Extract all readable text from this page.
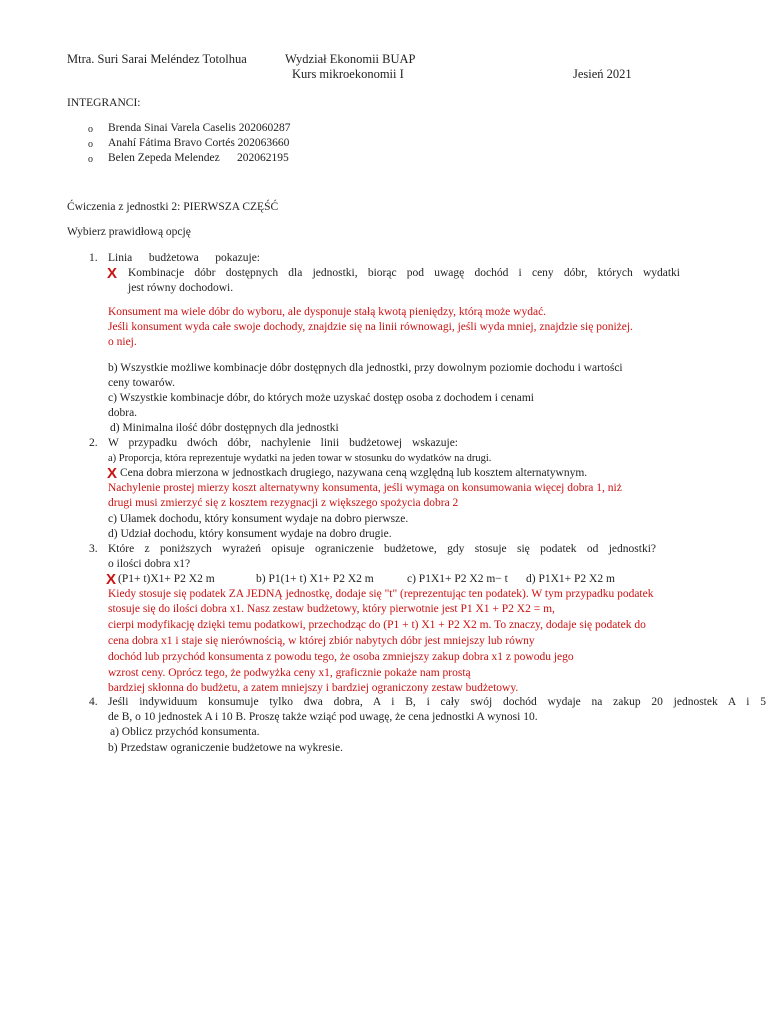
Mtra. Suri Sarai Meléndez Totolhua	Wydział Ekonomii BUAP
Kurs mikroekonomii I	Jesień 2021
INTEGRANCI:
o Brenda Sinai Varela Caselis 202060287
o Anahí Fátima Bravo Cortés 202063660
o Belen Zepeda Melendez 202062195
Ćwiczenia z jednostki 2: PIERWSZA CZĘŚĆ
Wybierz prawidłową opcję
1. Linia budżetowa pokazuje:
X Kombinacje dóbr dostępnych dla jednostki, biorąc pod uwagę dochód i ceny dóbr, których wydatki
jest równy dochodowi.
Konsument ma wiele dóbr do wyboru, ale dysponuje stałą kwotą pieniędzy, którą może wydać.
Jeśli konsument wyda całe swoje dochody, znajdzie się na linii równowagi, jeśli wyda mniej, znajdzie się poniżej.
o niej.
b) Wszystkie możliwe kombinacje dóbr dostępnych dla jednostki, przy dowolnym poziomie dochodu i wartości
ceny towarów.
c) Wszystkie kombinacje dóbr, do których może uzyskać dostęp osoba z dochodem i cenami
dobra.
d) Minimalna ilość dóbr dostępnych dla jednostki
2. W przypadku dwóch dóbr, nachylenie linii budżetowej wskazuje:
a) Proporcja, która reprezentuje wydatki na jeden towar w stosunku do wydatków na drugi.
X Cena dobra mierzona w jednostkach drugiego, nazywana ceną względną lub kosztem alternatywnym.
Nachylenie prostej mierzy koszt alternatywny konsumenta, jeśli wymaga on konsumowania więcej dobra 1, niż
drugi musi zmierzyć się z kosztem rezygnacji z większego spożycia dobra 2
c) Ułamek dochodu, który konsument wydaje na dobro pierwsze.
d) Udział dochodu, który konsument wydaje na dobro drugie.
3. Które z poniższych wyrażeń opisuje ograniczenie budżetowe, gdy stosuje się podatek od jednostki?
o ilości dobra x1?
X (P1+ t)X1+ P2 X2 m	b) P1(1+ t) X1+ P2 X2 m	c) P1X1+ P2 X2 m− t d) P1X1+ P2 X2 m
Kiedy stosuje się podatek ZA JEDNĄ jednostkę, dodaje się "t" (reprezentując ten podatek). W tym przypadku podatek
stosuje się do ilości dobra x1. Nasz zestaw budżetowy, który pierwotnie jest P1 X1 + P2 X2 = m,
cierpi modyfikację dzięki temu podatkowi, przechodząc do (P1 + t) X1 + P2 X2 m. To znaczy, dodaje się podatek do
cena dobra x1 i staje się nierównością, w której zbiór nabytych dóbr jest mniejszy lub równy
dochód lub przychód konsumenta z powodu tego, że osoba zmniejszy zakup dobra x1 z powodu jego
wzrost ceny. Oprócz tego, że podwyżka ceny x1, graficznie pokaże nam prostą
bardziej skłonna do budżetu, a zatem mniejszy i bardziej ograniczony zestaw budżetowy.
4. Jeśli indywiduum konsumuje tylko dwa dobra, A i B, i cały swój dochód wydaje na zakup 20 jednostek A i 5
de B, o 10 jednostek A i 10 B. Proszę także wziąć pod uwagę, że cena jednostki A wynosi 10.
a) Oblicz przychód konsumenta.
b) Przedstaw ograniczenie budżetowe na wykresie.
